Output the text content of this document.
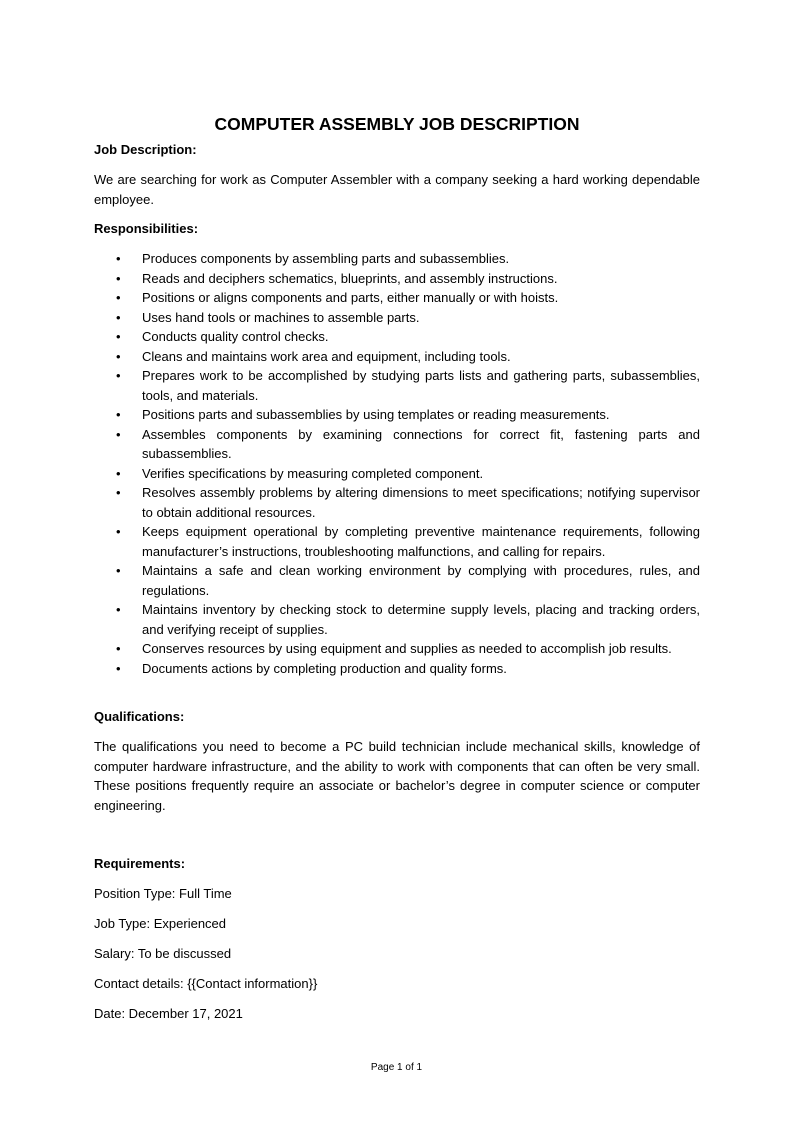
COMPUTER ASSEMBLY JOB DESCRIPTION

Job Description:

We are searching for work as Computer Assembler with a company seeking a hard working dependable employee.

Responsibilities:

• Produces components by assembling parts and subassemblies.
• Reads and deciphers schematics, blueprints, and assembly instructions.
• Positions or aligns components and parts, either manually or with hoists.
• Uses hand tools or machines to assemble parts.
• Conducts quality control checks.
• Cleans and maintains work area and equipment, including tools.
• Prepares work to be accomplished by studying parts lists and gathering parts, subassemblies, tools, and materials.
• Positions parts and subassemblies by using templates or reading measurements.
• Assembles components by examining connections for correct fit, fastening parts and subassemblies.
• Verifies specifications by measuring completed component.
• Resolves assembly problems by altering dimensions to meet specifications; notifying supervisor to obtain additional resources.
• Keeps equipment operational by completing preventive maintenance requirements, following manufacturer’s instructions, troubleshooting malfunctions, and calling for repairs.
• Maintains a safe and clean working environment by complying with procedures, rules, and regulations.
• Maintains inventory by checking stock to determine supply levels, placing and tracking orders, and verifying receipt of supplies.
• Conserves resources by using equipment and supplies as needed to accomplish job results.
• Documents actions by completing production and quality forms.

Qualifications:

The qualifications you need to become a PC build technician include mechanical skills, knowledge of computer hardware infrastructure, and the ability to work with components that can often be very small. These positions frequently require an associate or bachelor’s degree in computer science or computer engineering.

Requirements:

Position Type: Full Time

Job Type: Experienced

Salary: To be discussed

Contact details: {{Contact information}}

Date: December 17, 2021

Page 1 of 1
